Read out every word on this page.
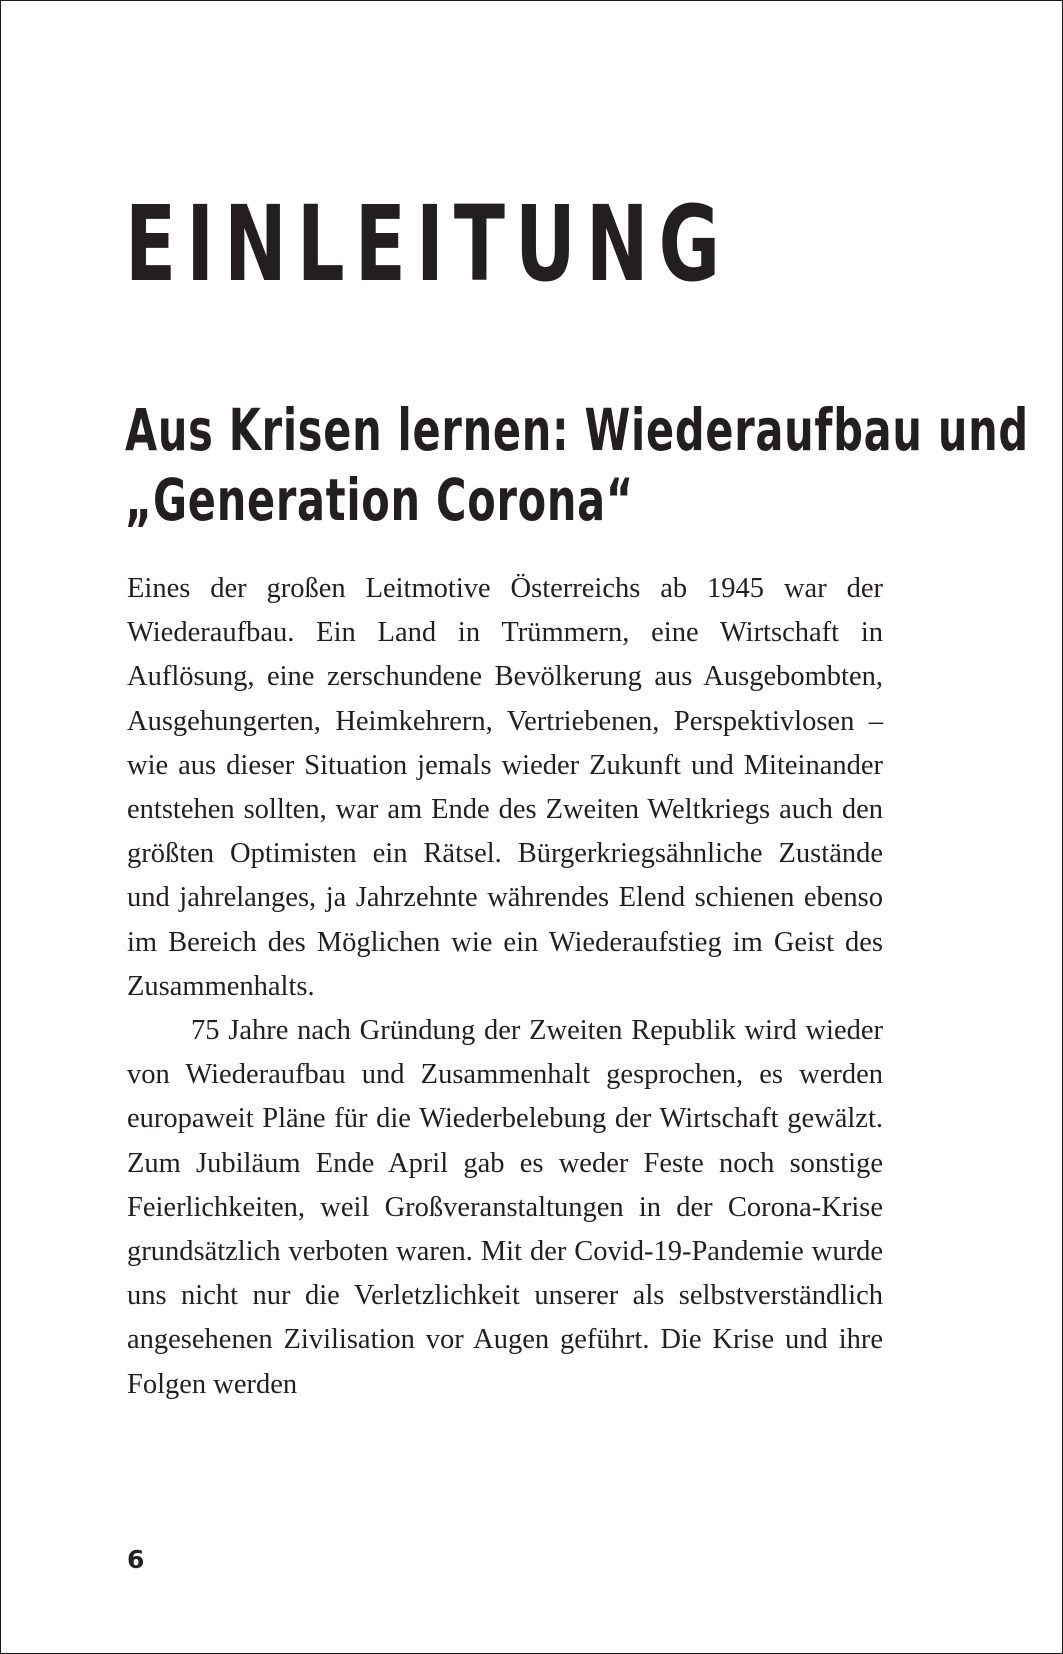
EINLEITUNG
Aus Krisen lernen: Wiederaufbau und
„Generation Corona“

Eines der großen Leitmotive Österreichs ab 1945 war der Wiederaufbau. Ein Land in Trümmern, eine Wirtschaft in Auflösung, eine zerschundene Bevölkerung aus Ausgebombten, Ausgehungerten, Heimkehrern, Vertriebenen, Perspektivlosen – wie aus dieser Situation jemals wieder Zukunft und Miteinander entstehen sollten, war am Ende des Zweiten Weltkriegs auch den größten Optimisten ein Rätsel. Bürgerkriegsähnliche Zustände und jahrelanges, ja Jahrzehnte währendes Elend schienen ebenso im Bereich des Möglichen wie ein Wiederaufstieg im Geist des Zusammenhalts.

75 Jahre nach Gründung der Zweiten Republik wird wieder von Wiederaufbau und Zusammenhalt gesprochen, es werden europaweit Pläne für die Wiederbelebung der Wirtschaft gewälzt. Zum Jubiläum Ende April gab es weder Feste noch sonstige Feierlichkeiten, weil Großveranstaltungen in der Corona-Krise grundsätzlich verboten waren. Mit der Covid-19-Pandemie wurde uns nicht nur die Verletzlichkeit unserer als selbstverständlich angesehenen Zivilisation vor Augen geführt. Die Krise und ihre Folgen werden

6
